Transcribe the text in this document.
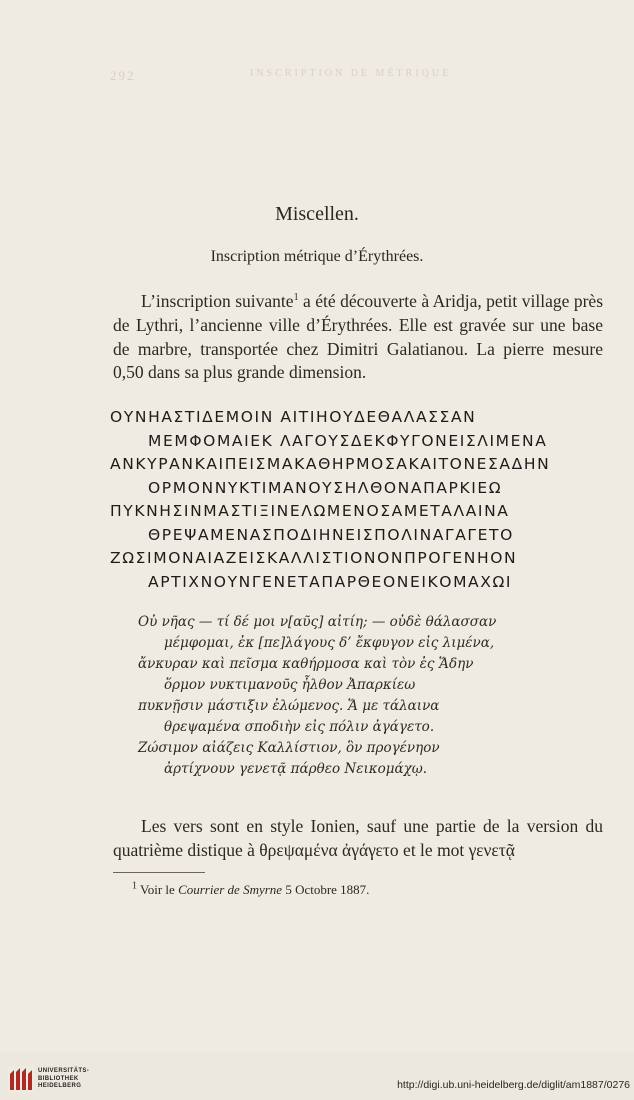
292	INSCRIPTION DE MÉTRIQUE
Miscellen.
Inscription métrique d’Érythrées.

L’inscription suivante$^1$ a été découverte à Aridja, petit village près de Lythri, l’ancienne ville d’Érythrées. Elle est gravée sur une base de marbre, transportée chez Dimitri Galatianou. La pierre mesure 0,50 dans sa plus grande dimension.

ΟΥΝΗΑΣΤΙΔΕΜΟΙΝ ΑΙΤΙΗΟΥΔΕΘΑΛΑΣΣΑΝ
ΜΕΜΦΟΜΑΙΕΚ ΛΑΓΟΥΣΔΕΚΦΥΓΟΝΕΙΣΛΙΜΕΝΑ
ΑΝΚΥΡΑΝΚΑΙΠΕΙΣΜΑΚΑΘΗΡΜΟΣΑΚΑΙΤΟΝΕΣΑΔΗΝ
ΟΡΜΟΝΝΥΚΤΙΜΑΝΟΥΣΗΛΘΟΝΑΠΑΡΚΙΕΩ
ΠΥΚΝΗΣΙΝΜΑΣΤΙΞΙΝΕΛΩΜΕΝΟΣΑΜΕΤΑΛΑΙΝΑ
ΘΡΕΨΑΜΕΝΑΣΠΟΔΙΗΝΕΙΣΠΟΛΙΝΑΓΑΓΕΤΟ
ΖΩΣΙΜΟΝΑΙΑΖΕΙΣΚΑΛΛΙΣΤΙΟΝΟΝΠΡΟΓΕΝΗΟΝ
ΑΡΤΙΧΝΟΥΝΓΕΝΕΤΑΠΑΡΘΕΟΝΕΙΚΟΜΑΧΩΙ
Οὐ νῆας — τί δέ μοι ν[αῦς] αἰτίη; — οὐδὲ θάλασσαν
μέμφομαι, ἐκ [πε]λάγους δ’ ἔκφυγον εἰς λιμένα,
ἄνκυραν καὶ πεῖσμα καθήρμοσα καὶ τὸν ἐς Ἅδην
ὅρμον νυκτιμανοῦς ἦλθον Ἀπαρκίεω
πυκνῇσιν μάστιξιν ἐλώμενος. Ἅ με τάλαινα
θρεψαμένα σποδιὴν εἰς πόλιν ἀγάγετο.
Ζώσιμον αἰάζεις Καλλίστιον, ὃν προγένηον
ἀρτίχνουν γενετᾷ πάρθεο Νεικομάχῳ.

Les vers sont en style Ionien, sauf une partie de la version du quatrième distique à θρεψαμένα ἀγάγετο et le mot γενετᾷ

$^1$ Voir le Courrier de Smyrne 5 Octobre 1887.

UNIVERSITÄTS-
BIBLIOTHEK
HEIDELBERG	http://digi.ub.uni-heidelberg.de/diglit/am1887/0276
